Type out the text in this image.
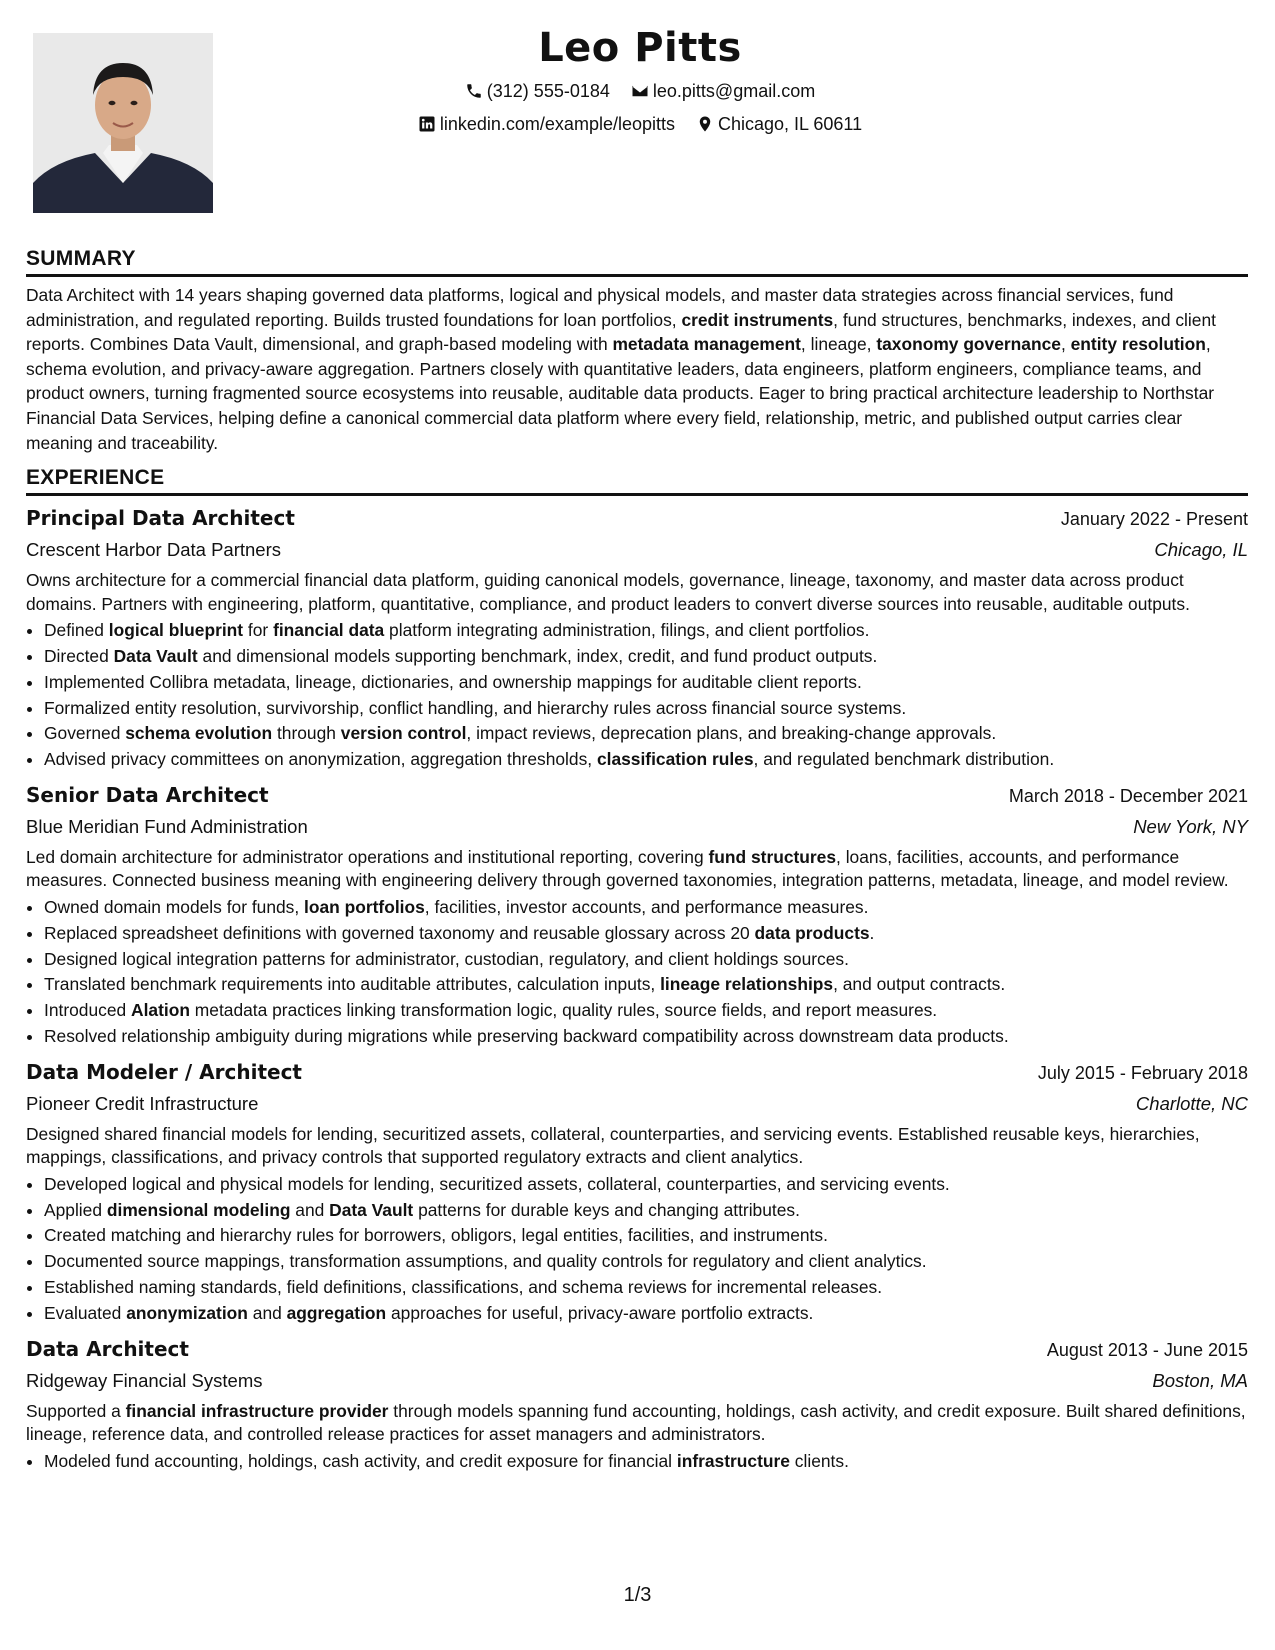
Leo Pitts
(312) 555-0184
leo.pitts@gmail.com
linkedin.com/example/leopitts
Chicago, IL 60611
SUMMARY
Data Architect with 14 years shaping governed data platforms, logical and physical models, and master data strategies across financial services, fund administration, and regulated reporting. Builds trusted foundations for loan portfolios, credit instruments, fund structures, benchmarks, indexes, and client reports. Combines Data Vault, dimensional, and graph-based modeling with metadata management, lineage, taxonomy governance, entity resolution, schema evolution, and privacy-aware aggregation. Partners closely with quantitative leaders, data engineers, platform engineers, compliance teams, and product owners, turning fragmented source ecosystems into reusable, auditable data products. Eager to bring practical architecture leadership to Northstar Financial Data Services, helping define a canonical commercial data platform where every field, relationship, metric, and published output carries clear meaning and traceability.
EXPERIENCE
Principal Data Architect	January 2022 - Present
Crescent Harbor Data Partners	Chicago, IL
Owns architecture for a commercial financial data platform, guiding canonical models, governance, lineage, taxonomy, and master data across product domains. Partners with engineering, platform, quantitative, compliance, and product leaders to convert diverse sources into reusable, auditable outputs.
• Defined logical blueprint for financial data platform integrating administration, filings, and client portfolios.
• Directed Data Vault and dimensional models supporting benchmark, index, credit, and fund product outputs.
• Implemented Collibra metadata, lineage, dictionaries, and ownership mappings for auditable client reports.
• Formalized entity resolution, survivorship, conflict handling, and hierarchy rules across financial source systems.
• Governed schema evolution through version control, impact reviews, deprecation plans, and breaking-change approvals.
• Advised privacy committees on anonymization, aggregation thresholds, classification rules, and regulated benchmark distribution.
Senior Data Architect	March 2018 - December 2021
Blue Meridian Fund Administration	New York, NY
Led domain architecture for administrator operations and institutional reporting, covering fund structures, loans, facilities, accounts, and performance measures. Connected business meaning with engineering delivery through governed taxonomies, integration patterns, metadata, lineage, and model review.
• Owned domain models for funds, loan portfolios, facilities, investor accounts, and performance measures.
• Replaced spreadsheet definitions with governed taxonomy and reusable glossary across 20 data products.
• Designed logical integration patterns for administrator, custodian, regulatory, and client holdings sources.
• Translated benchmark requirements into auditable attributes, calculation inputs, lineage relationships, and output contracts.
• Introduced Alation metadata practices linking transformation logic, quality rules, source fields, and report measures.
• Resolved relationship ambiguity during migrations while preserving backward compatibility across downstream data products.
Data Modeler / Architect	July 2015 - February 2018
Pioneer Credit Infrastructure	Charlotte, NC
Designed shared financial models for lending, securitized assets, collateral, counterparties, and servicing events. Established reusable keys, hierarchies, mappings, classifications, and privacy controls that supported regulatory extracts and client analytics.
• Developed logical and physical models for lending, securitized assets, collateral, counterparties, and servicing events.
• Applied dimensional modeling and Data Vault patterns for durable keys and changing attributes.
• Created matching and hierarchy rules for borrowers, obligors, legal entities, facilities, and instruments.
• Documented source mappings, transformation assumptions, and quality controls for regulatory and client analytics.
• Established naming standards, field definitions, classifications, and schema reviews for incremental releases.
• Evaluated anonymization and aggregation approaches for useful, privacy-aware portfolio extracts.
Data Architect	August 2013 - June 2015
Ridgeway Financial Systems	Boston, MA
Supported a financial infrastructure provider through models spanning fund accounting, holdings, cash activity, and credit exposure. Built shared definitions, lineage, reference data, and controlled release practices for asset managers and administrators.
• Modeled fund accounting, holdings, cash activity, and credit exposure for financial infrastructure clients.
1/3
